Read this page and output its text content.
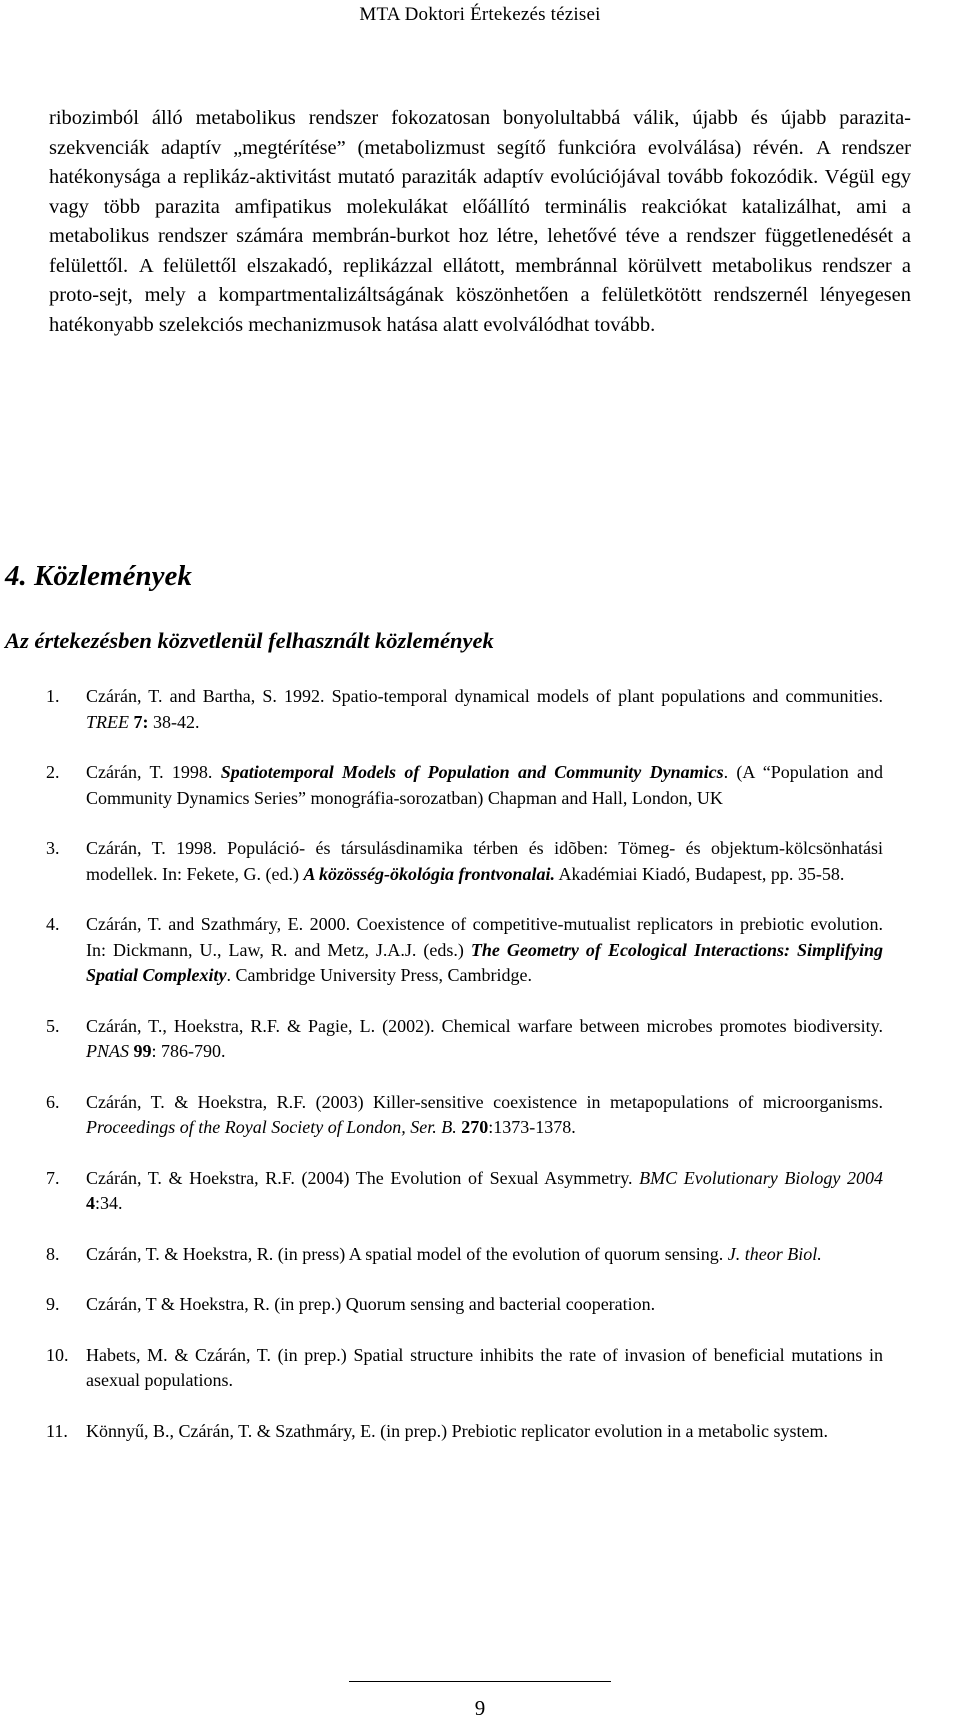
MTA Doktori Értekezés tézisei

ribozimból álló metabolikus rendszer fokozatosan bonyolultabbá válik, újabb és újabb parazita-szekvenciák adaptív „megtérítése” (metabolizmust segítő funkcióra evolválása) révén. A rendszer hatékonysága a replikáz-aktivitást mutató paraziták adaptív evolúciójával tovább fokozódik. Végül egy vagy több parazita amfipatikus molekulákat előállító terminális reakciókat katalizálhat, ami a metabolikus rendszer számára membrán-burkot hoz létre, lehetővé téve a rendszer függetlenedését a felülettől. A felülettől elszakadó, replikázzal ellátott, membránnal körülvett metabolikus rendszer a proto-sejt, mely a kompartmentalizáltságának köszönhetően a felületkötött rendszernél lényegesen hatékonyabb szelekciós mechanizmusok hatása alatt evolválódhat tovább.

4. Közlemények
Az értekezésben közvetlenül felhasznált közlemények
1. Czárán, T. and Bartha, S. 1992. Spatio-temporal dynamical models of plant populations and communities. TREE 7: 38-42.
2. Czárán, T. 1998. Spatiotemporal Models of Population and Community Dynamics. (A “Population and Community Dynamics Series” monográfia-sorozatban) Chapman and Hall, London, UK
3. Czárán, T. 1998. Populáció- és társulásdinamika térben és idõben: Tömeg- és objektum-kölcsönhatási modellek. In: Fekete, G. (ed.) A közösség-ökológia frontvonalai. Akadémiai Kiadó, Budapest, pp. 35-58.
4. Czárán, T. and Szathmáry, E. 2000. Coexistence of competitive-mutualist replicators in prebiotic evolution. In: Dickmann, U., Law, R. and Metz, J.A.J. (eds.) The Geometry of Ecological Interactions: Simplifying Spatial Complexity. Cambridge University Press, Cambridge.
5. Czárán, T., Hoekstra, R.F. & Pagie, L. (2002). Chemical warfare between microbes promotes biodiversity. PNAS 99: 786-790.
6. Czárán, T. & Hoekstra, R.F. (2003) Killer-sensitive coexistence in metapopulations of microorganisms. Proceedings of the Royal Society of London, Ser. B. 270:1373-1378.
7. Czárán, T. & Hoekstra, R.F. (2004) The Evolution of Sexual Asymmetry. BMC Evolutionary Biology 2004 4:34.
8. Czárán, T. & Hoekstra, R. (in press) A spatial model of the evolution of quorum sensing. J. theor Biol.
9. Czárán, T & Hoekstra, R. (in prep.) Quorum sensing and bacterial cooperation.
10. Habets, M. & Czárán, T. (in prep.) Spatial structure inhibits the rate of invasion of beneficial mutations in asexual populations.
11. Könnyű, B., Czárán, T. & Szathmáry, E. (in prep.) Prebiotic replicator evolution in a metabolic system.
9
